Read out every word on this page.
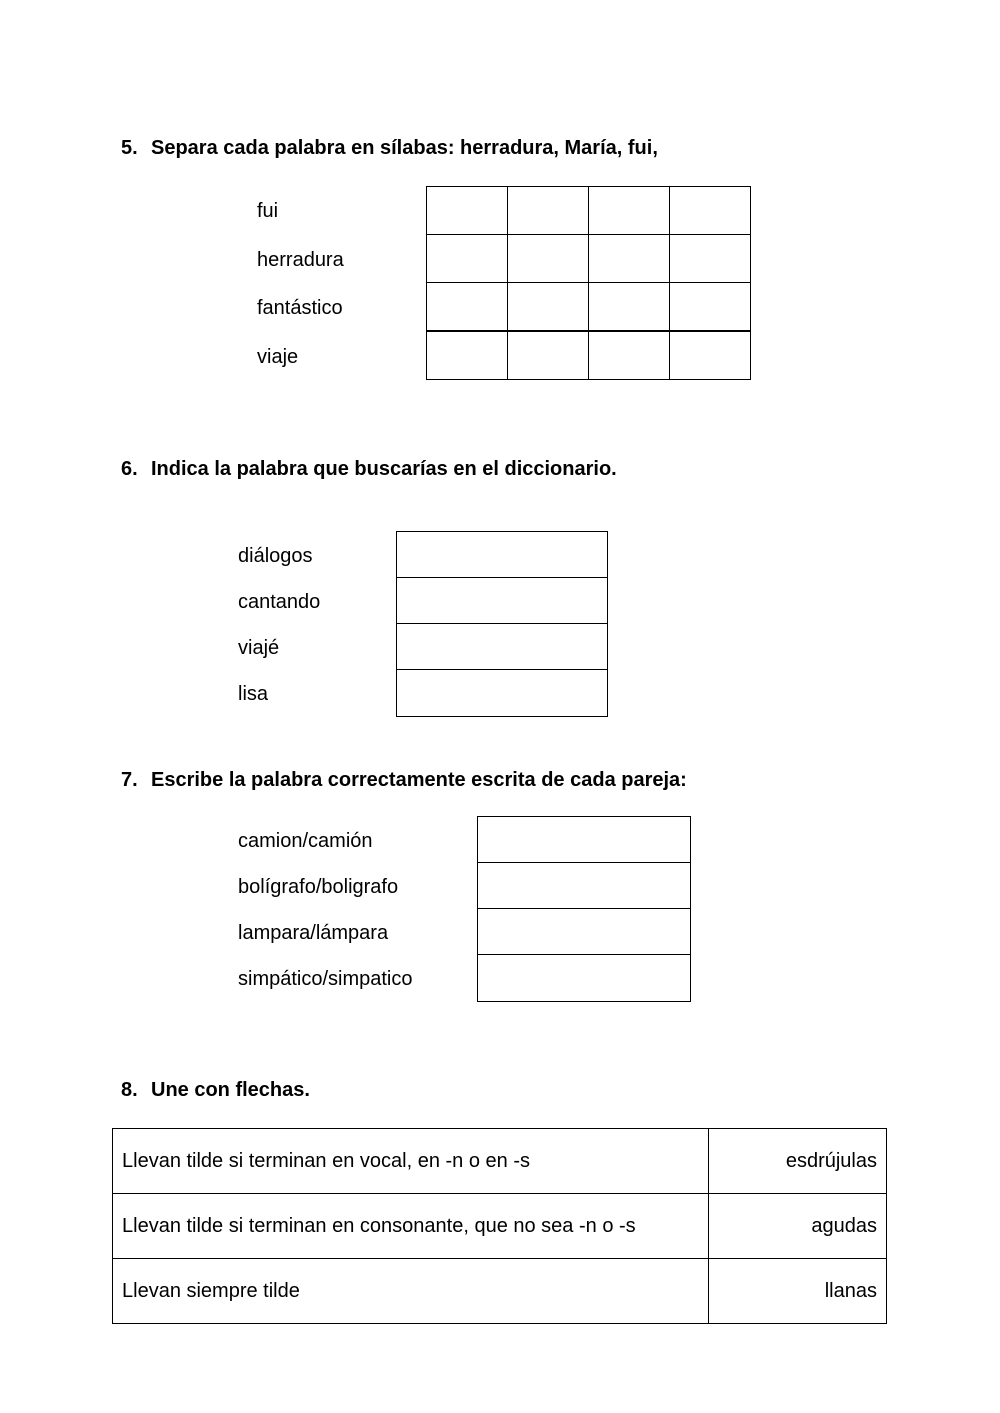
5. Separa cada palabra en sílabas: herradura, María, fui,
fui
herradura
fantástico
viaje
6. Indica la palabra que buscarías en el diccionario.
diálogos
cantando
viajé
lisa
7. Escribe la palabra correctamente escrita de cada pareja:
camion/camión
bolígrafo/boligrafo
lampara/lámpara
simpático/simpatico
8. Une con flechas.
Llevan tilde si terminan en vocal, en -n o en -s	esdrújulas
Llevan tilde si terminan en consonante, que no sea -n o -s	agudas
Llevan siempre tilde	llanas
